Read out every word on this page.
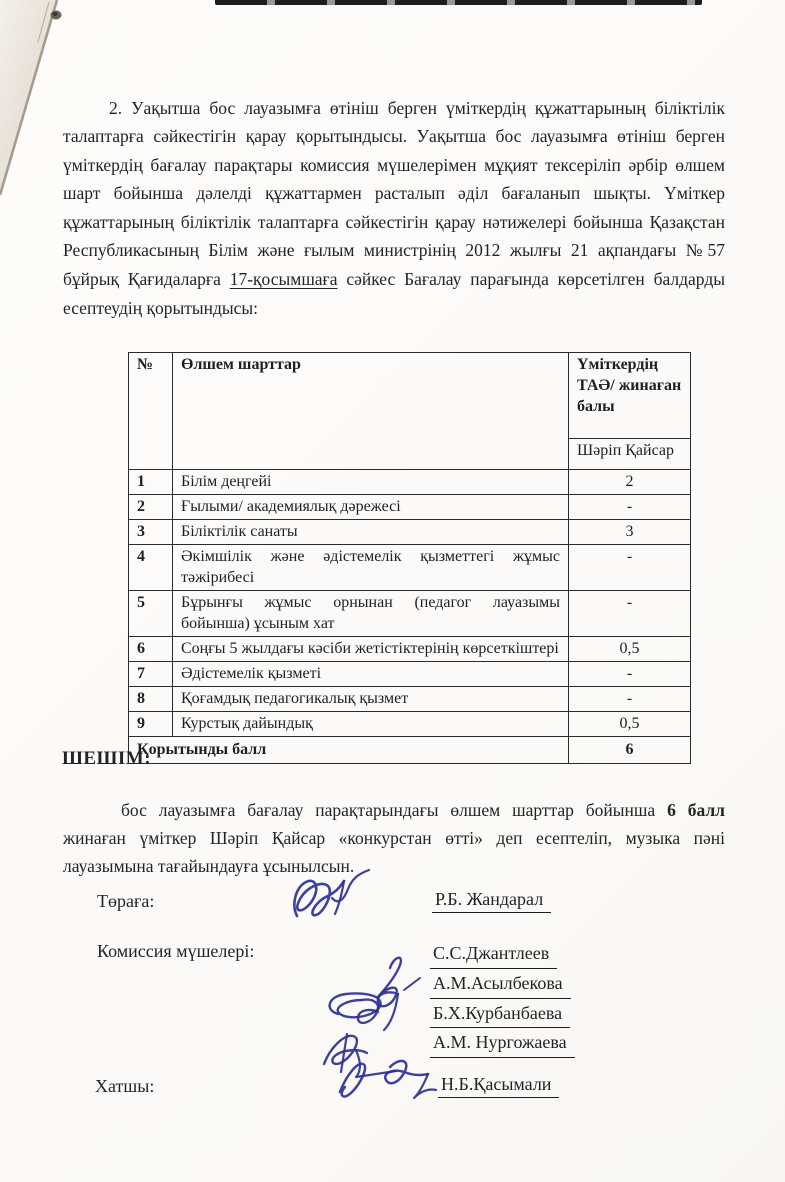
2. Уақытша бос лауазымға өтініш берген үміткердің құжаттарының біліктілік талаптарға сәйкестігін қарау қорытындысы. Уақытша бос лауазымға өтініш берген үміткердің бағалау парақтары комиссия мүшелерімен мұқият тексеріліп әрбір өлшем шарт бойынша дәлелді құжаттармен расталып әділ бағаланып шықты. Үміткер құжаттарының біліктілік талаптарға сәйкестігін қарау нәтижелері бойынша Қазақстан Республикасының Білім және ғылым министрінің 2012 жылғы 21 ақпандағы №57 бұйрық Қағидаларға 17-қосымшаға сәйкес Бағалау парағында көрсетілген балдарды есептеудің қорытындысы:

№	Өлшем шарттар	Үміткердің ТАӘ/ жинаған балы
		Шәріп Қайсар
1	Білім деңгейі	2
2	Ғылыми/ академиялық дәрежесі	-
3	Біліктілік санаты	3
4	Әкімшілік және әдістемелік қызметтегі жұмыс тәжірибесі	-
5	Бұрынғы жұмыс орнынан (педагог лауазымы бойынша) ұсыным хат	-
6	Соңғы 5 жылдағы кәсіби жетістіктерінің көрсеткіштері	0,5
7	Әдістемелік қызметі	-
8	Қоғамдық педагогикалық қызмет	-
9	Курстық дайындық	0,5
Қорытынды балл		6
ШЕШІМ:

бос лауазымға бағалау парақтарындағы өлшем шарттар бойынша 6 балл жинаған үміткер Шәріп Қайсар «конкурстан өтті» деп есептеліп, музыка пәні лауазымына тағайындауға ұсынылсын.

Төраға:	Р.Б. Жандарал
Комиссия мүшелері:	С.С.Джантлеев
А.М.Асылбекова
Б.Х.Курбанбаева
А.М. Нургожаева
Хатшы:	Н.Б.Қасымали
